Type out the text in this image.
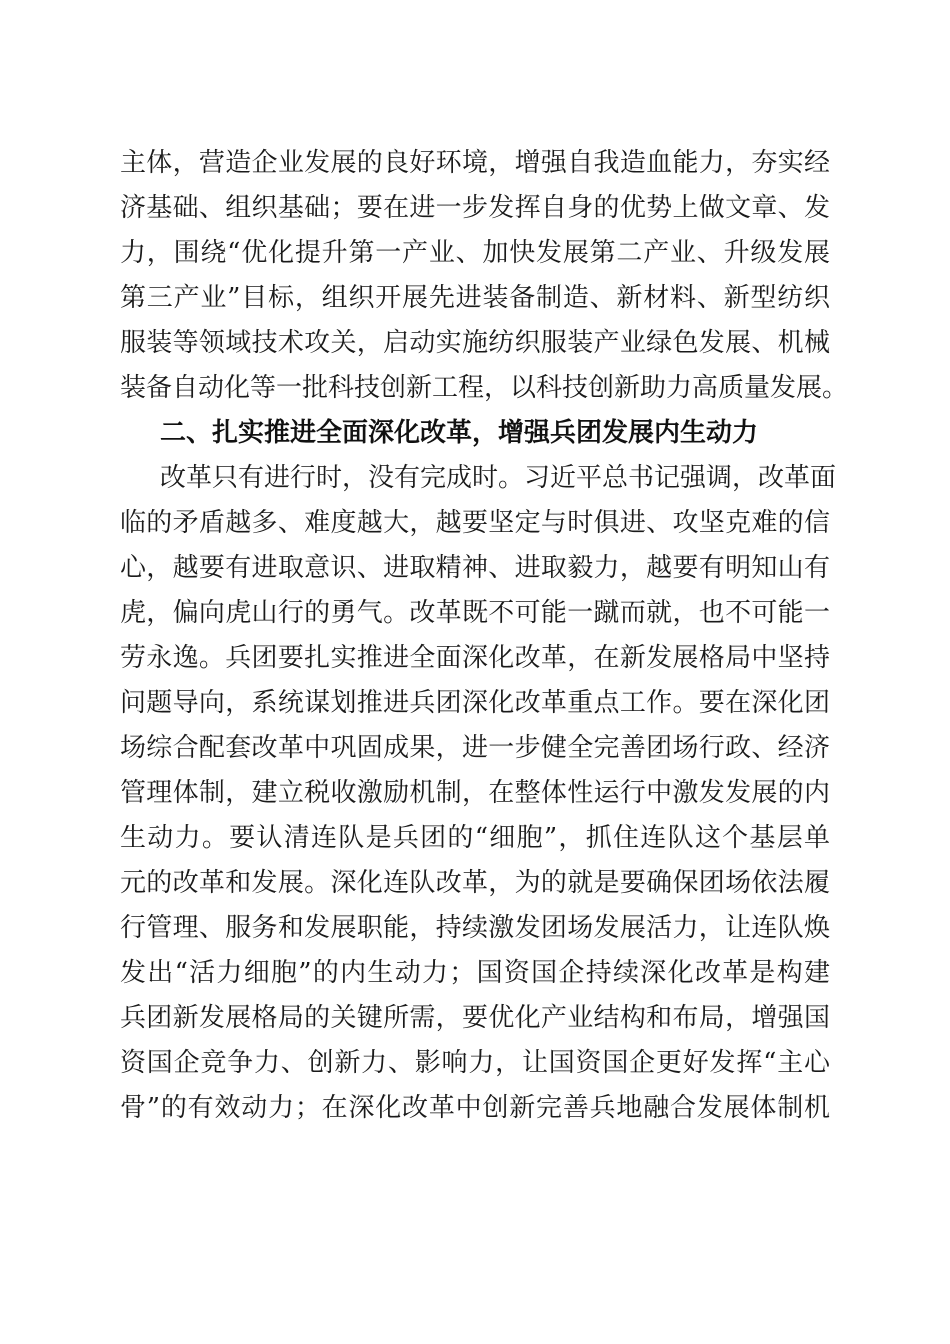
主体，营造企业发展的良好环境，增强自我造血能力，夯实经
济基础、组织基础；要在进一步发挥自身的优势上做文章、发
力，围绕“优化提升第一产业、加快发展第二产业、升级发展
第三产业”目标，组织开展先进装备制造、新材料、新型纺织
服装等领域技术攻关，启动实施纺织服装产业绿色发展、机械
装备自动化等一批科技创新工程，以科技创新助力高质量发展。
二、扎实推进全面深化改革，增强兵团发展内生动力
改革只有进行时，没有完成时。习近平总书记强调，改革面
临的矛盾越多、难度越大，越要坚定与时俱进、攻坚克难的信
心，越要有进取意识、进取精神、进取毅力，越要有明知山有
虎，偏向虎山行的勇气。改革既不可能一蹴而就，也不可能一
劳永逸。兵团要扎实推进全面深化改革，在新发展格局中坚持
问题导向，系统谋划推进兵团深化改革重点工作。要在深化团
场综合配套改革中巩固成果，进一步健全完善团场行政、经济
管理体制，建立税收激励机制，在整体性运行中激发发展的内
生动力。要认清连队是兵团的“细胞”，抓住连队这个基层单
元的改革和发展。深化连队改革，为的就是要确保团场依法履
行管理、服务和发展职能，持续激发团场发展活力，让连队焕
发出“活力细胞”的内生动力；国资国企持续深化改革是构建
兵团新发展格局的关键所需，要优化产业结构和布局，增强国
资国企竞争力、创新力、影响力，让国资国企更好发挥“主心
骨”的有效动力；在深化改革中创新完善兵地融合发展体制机
